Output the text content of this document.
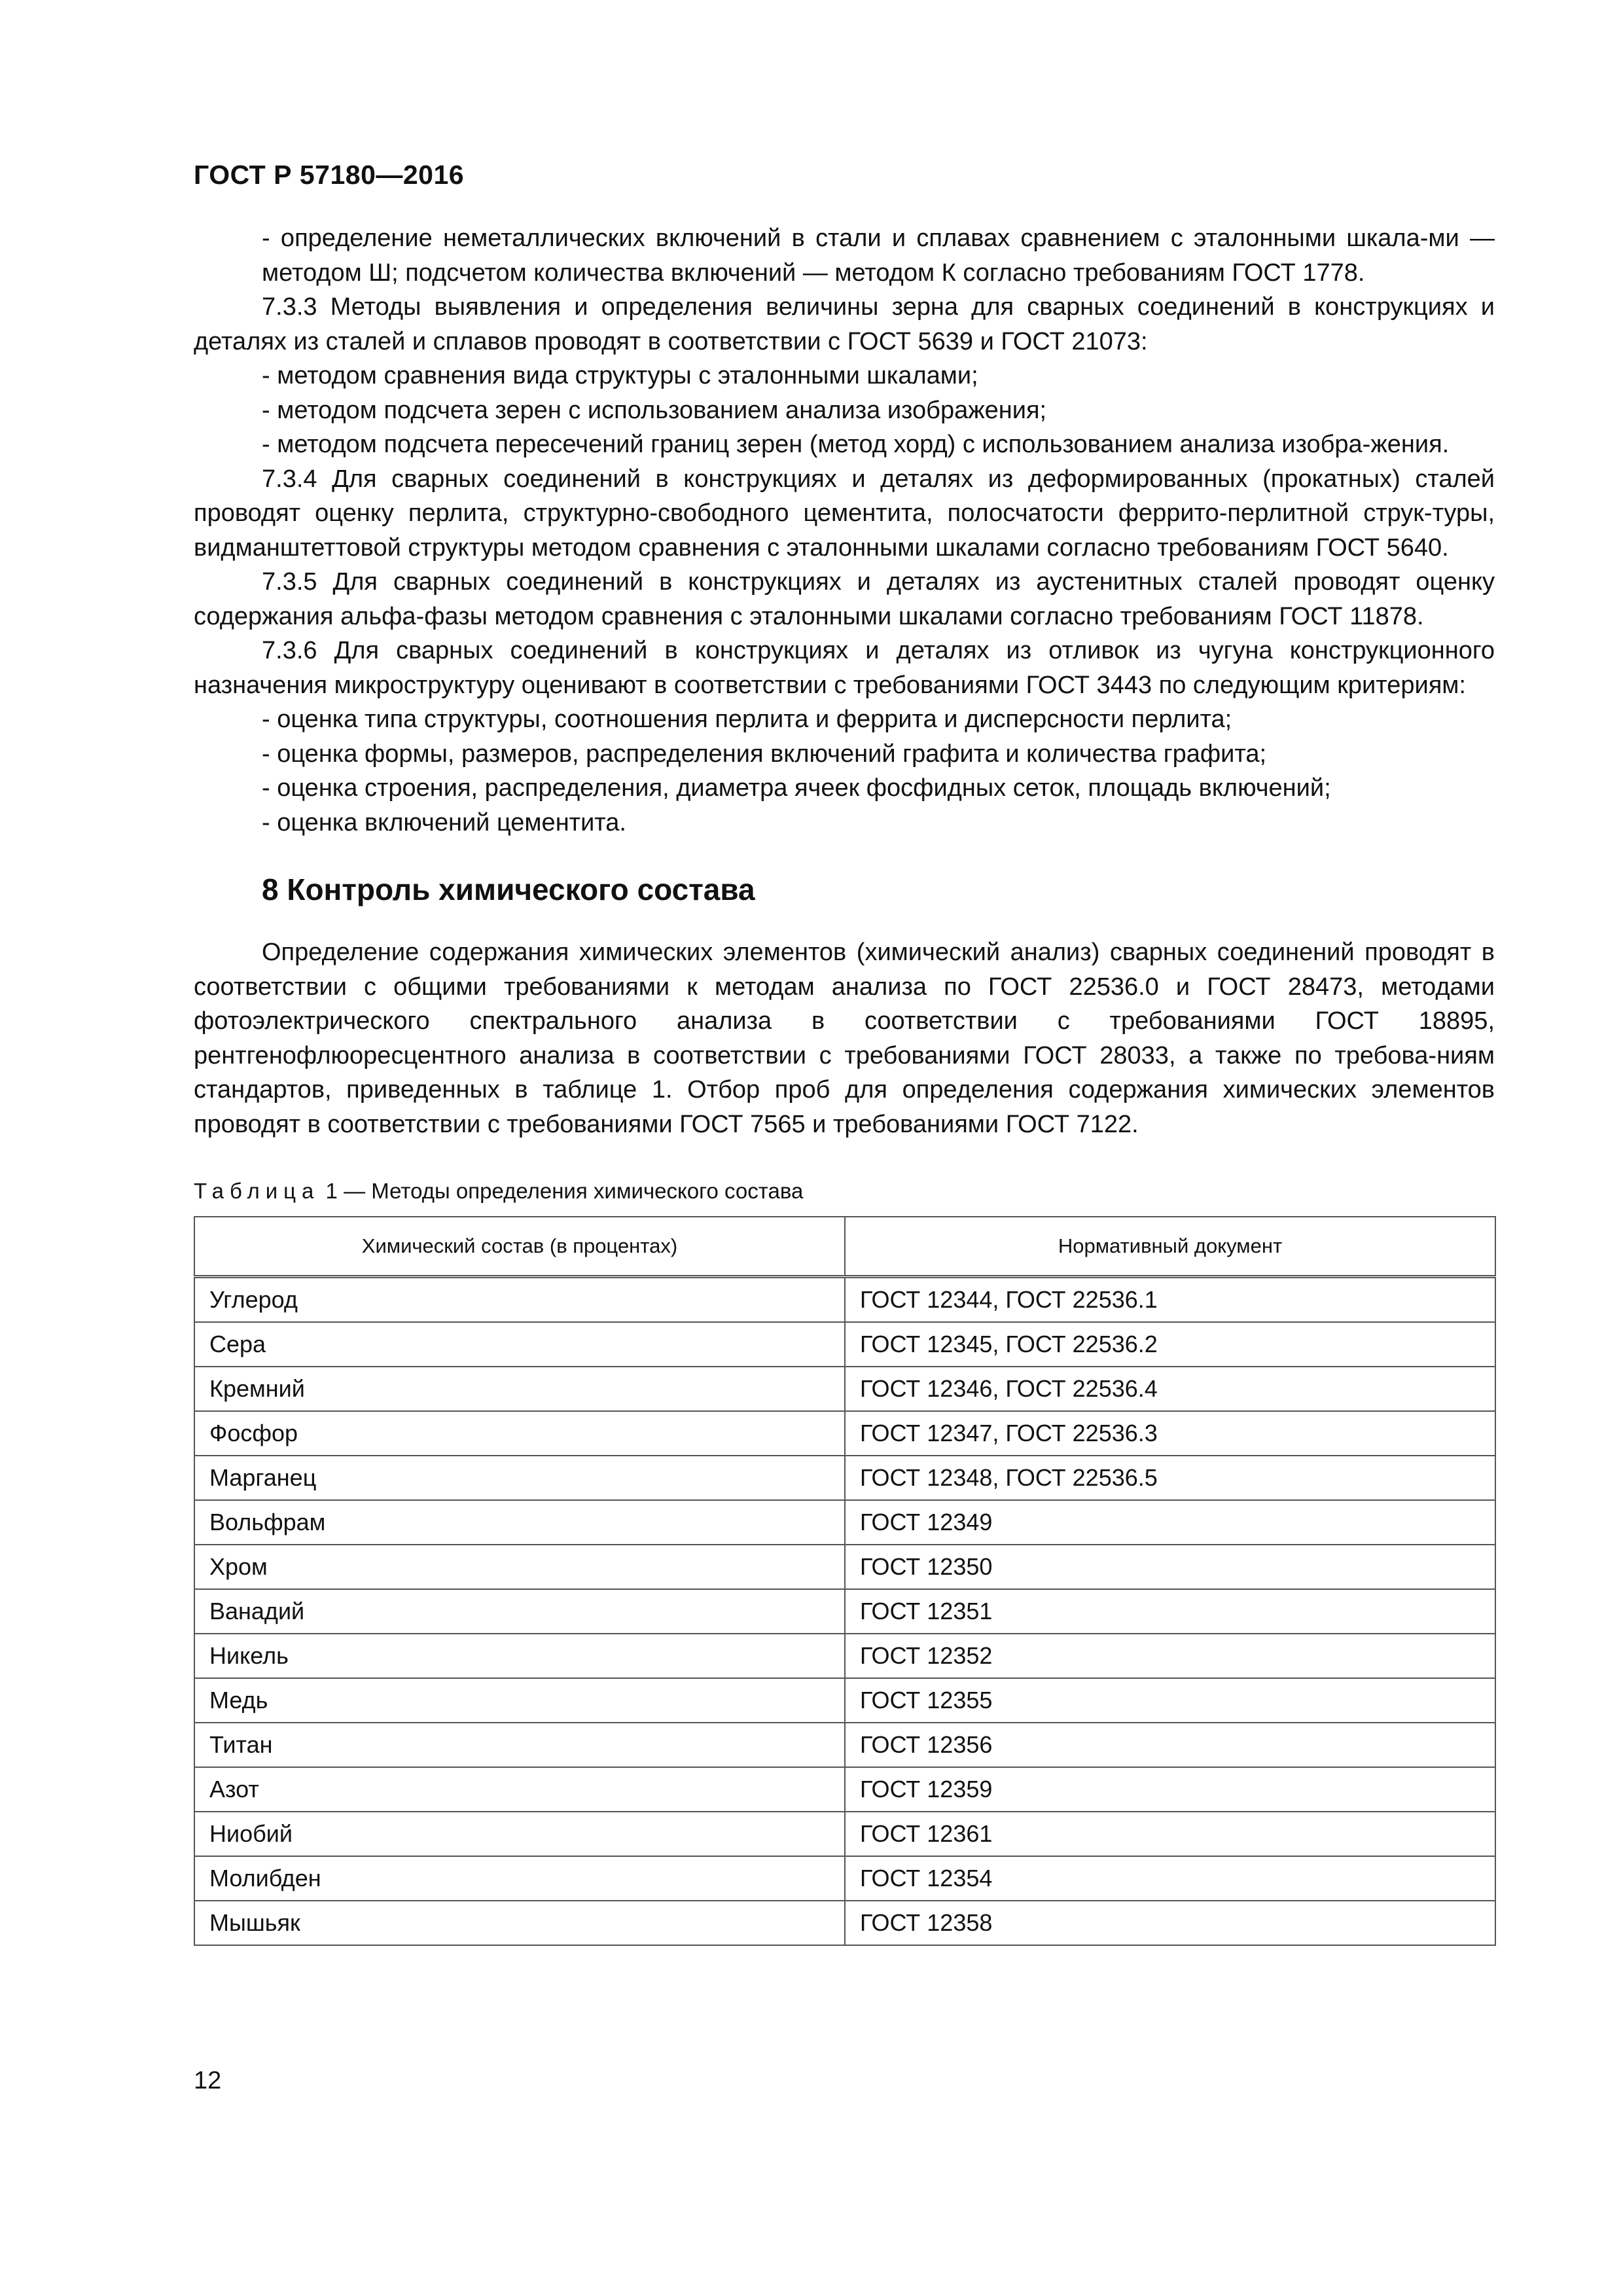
ГОСТ Р 57180—2016

- определение неметаллических включений в стали и сплавах сравнением с эталонными шкала-ми — методом Ш; подсчетом количества включений — методом К согласно требованиям ГОСТ 1778.

7.3.3 Методы выявления и определения величины зерна для сварных соединений в конструкциях и деталях из сталей и сплавов проводят в соответствии с ГОСТ 5639 и ГОСТ 21073:

- методом сравнения вида структуры с эталонными шкалами;

- методом подсчета зерен с использованием анализа изображения;

- методом подсчета пересечений границ зерен (метод хорд) с использованием анализа изобра-жения.

7.3.4 Для сварных соединений в конструкциях и деталях из деформированных (прокатных) сталей проводят оценку перлита, структурно-свободного цементита, полосчатости феррито-перлитной струк-туры, видманштеттовой структуры методом сравнения с эталонными шкалами согласно требованиям ГОСТ 5640.

7.3.5 Для сварных соединений в конструкциях и деталях из аустенитных сталей проводят оценку содержания альфа-фазы методом сравнения с эталонными шкалами согласно требованиям ГОСТ 11878.

7.3.6 Для сварных соединений в конструкциях и деталях из отливок из чугуна конструкционного назначения микроструктуру оценивают в соответствии с требованиями ГОСТ 3443 по следующим критериям:

- оценка типа структуры, соотношения перлита и феррита и дисперсности перлита;

- оценка формы, размеров, распределения включений графита и количества графита;

- оценка строения, распределения, диаметра ячеек фосфидных сеток, площадь включений;

- оценка включений цементита.

8 Контроль химического состава

Определение содержания химических элементов (химический анализ) сварных соединений проводят в соответствии с общими требованиями к методам анализа по ГОСТ 22536.0 и ГОСТ 28473, методами фотоэлектрического спектрального анализа в соответствии с требованиями ГОСТ 18895, рентгенофлюоресцентного анализа в соответствии с требованиями ГОСТ 28033, а также по требова-ниям стандартов, приведенных в таблице 1. Отбор проб для определения содержания химических элементов проводят в соответствии с требованиями ГОСТ 7565 и требованиями ГОСТ 7122.

Таблица 1 — Методы определения химического состава
Химический состав (в процентах)	Нормативный документ
Углерод	ГОСТ 12344, ГОСТ 22536.1
Сера	ГОСТ 12345, ГОСТ 22536.2
Кремний	ГОСТ 12346, ГОСТ 22536.4
Фосфор	ГОСТ 12347, ГОСТ 22536.3
Марганец	ГОСТ 12348, ГОСТ 22536.5
Вольфрам	ГОСТ 12349
Хром	ГОСТ 12350
Ванадий	ГОСТ 12351
Никель	ГОСТ 12352
Медь	ГОСТ 12355
Титан	ГОСТ 12356
Азот	ГОСТ 12359
Ниобий	ГОСТ 12361
Молибден	ГОСТ 12354
Мышьяк	ГОСТ 12358
12
